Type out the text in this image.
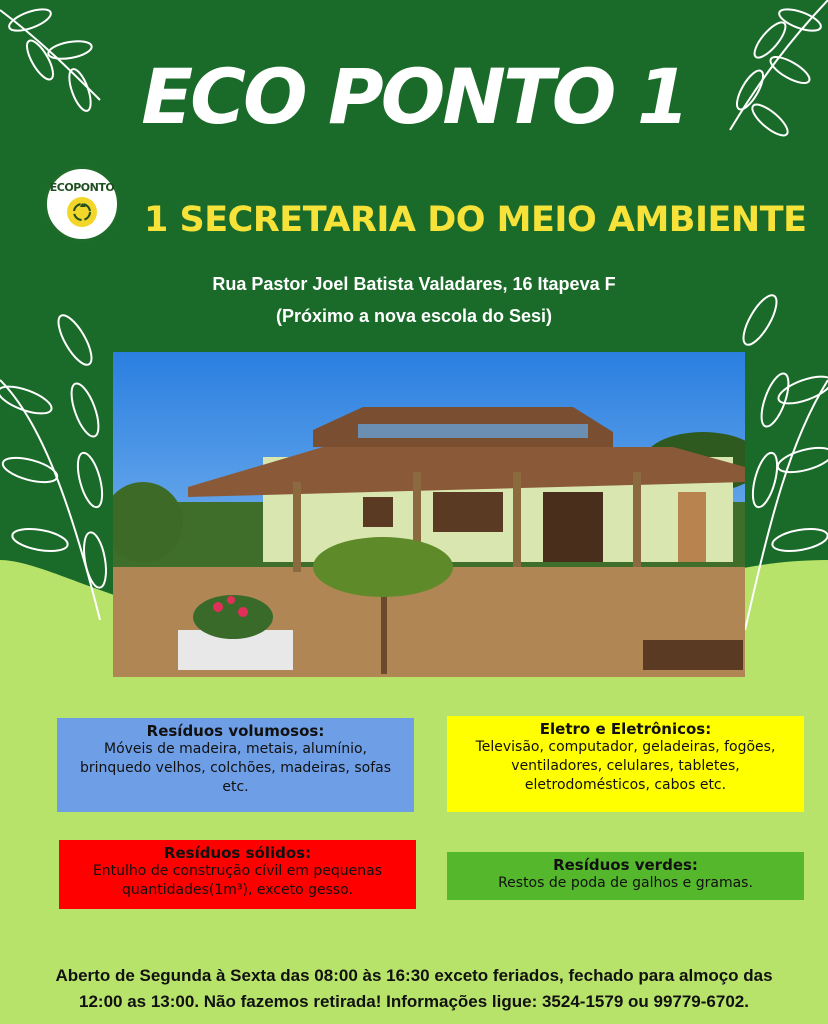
ECO PONTO 1
ECOPONTO
1 SECRETARIA DO MEIO AMBIENTE
Rua Pastor Joel Batista Valadares, 16 Itapeva F
(Próximo a nova escola do Sesi)
Resíduos volumosos:
Móveis de madeira, metais, alumínio,
brinquedo velhos, colchões, madeiras, sofas
etc.
Eletro e Eletrônicos:
Televisão, computador, geladeiras, fogões,
ventiladores, celulares, tabletes,
eletrodomésticos, cabos etc.
Resíduos sólidos:
Entulho de construção cívil em pequenas
quantidades(1m³), exceto gesso.
Resíduos verdes:
Restos de poda de galhos e gramas.
Aberto de Segunda à Sexta das 08:00 às 16:30 exceto feriados, fechado para almoço das
12:00 as 13:00. Não fazemos retirada! Informações ligue: 3524-1579 ou 99779-6702.
